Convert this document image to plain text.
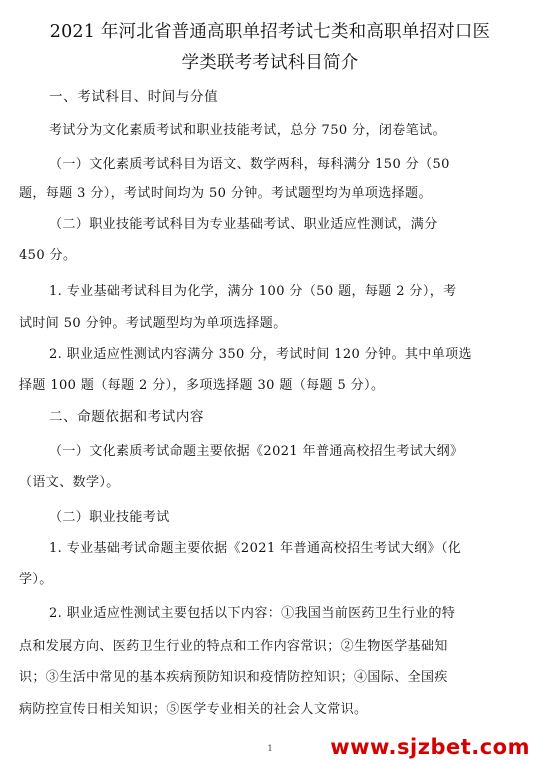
2021 年河北省普通高职单招考试七类和高职单招对口医
学类联考考试科目简介
一、考试科目、时间与分值
考试分为文化素质考试和职业技能考试，总分 750 分，闭卷笔试。
（一）文化素质考试科目为语文、数学两科，每科满分 150 分（50
题，每题 3 分），考试时间均为 50 分钟。考试题型均为单项选择题。
（二）职业技能考试科目为专业基础考试、职业适应性测试，满分
450 分。
1. 专业基础考试科目为化学，满分 100 分（50 题，每题 2 分），考
试时间 50 分钟。考试题型均为单项选择题。
2. 职业适应性测试内容满分 350 分，考试时间 120 分钟。其中单项选
择题 100 题（每题 2 分），多项选择题 30 题（每题 5 分）。
二、命题依据和考试内容
（一）文化素质考试命题主要依据《2021 年普通高校招生考试大纲》
（语文、数学）。
（二）职业技能考试
1. 专业基础考试命题主要依据《2021 年普通高校招生考试大纲》（化
学）。
2. 职业适应性测试主要包括以下内容：①我国当前医药卫生行业的特
点和发展方向、医药卫生行业的特点和工作内容常识；②生物医学基础知
识；③生活中常见的基本疾病预防知识和疫情防控知识；④国际、全国疾
病防控宣传日相关知识；⑤医学专业相关的社会人文常识。
1	www.sjzbet.com
